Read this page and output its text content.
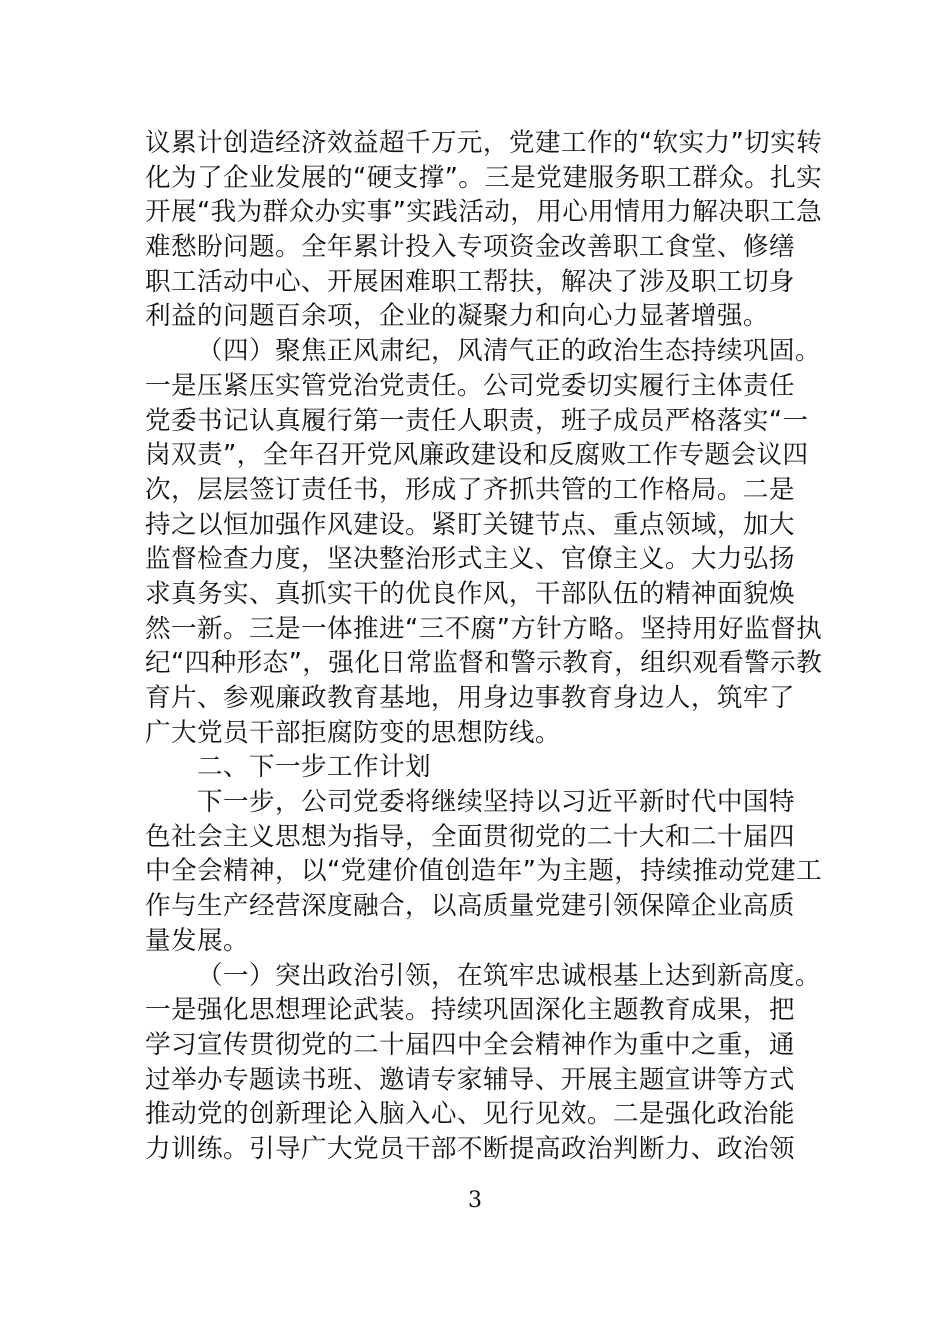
议累计创造经济效益超千万元，党建工作的“软实力”切实转
化为了企业发展的“硬支撑”。三是党建服务职工群众。扎实
开展“我为群众办实事”实践活动，用心用情用力解决职工急
难愁盼问题。全年累计投入专项资金改善职工食堂、修缮
职工活动中心、开展困难职工帮扶，解决了涉及职工切身
利益的问题百余项，企业的凝聚力和向心力显著增强。
（四）聚焦正风肃纪，风清气正的政治生态持续巩固。
一是压紧压实管党治党责任。公司党委切实履行主体责任
党委书记认真履行第一责任人职责，班子成员严格落实“一
岗双责”，全年召开党风廉政建设和反腐败工作专题会议四
次，层层签订责任书，形成了齐抓共管的工作格局。二是
持之以恒加强作风建设。紧盯关键节点、重点领域，加大
监督检查力度，坚决整治形式主义、官僚主义。大力弘扬
求真务实、真抓实干的优良作风，干部队伍的精神面貌焕
然一新。三是一体推进“三不腐”方针方略。坚持用好监督执
纪“四种形态”，强化日常监督和警示教育，组织观看警示教
育片、参观廉政教育基地，用身边事教育身边人，筑牢了
广大党员干部拒腐防变的思想防线。
二、下一步工作计划
下一步，公司党委将继续坚持以习近平新时代中国特
色社会主义思想为指导，全面贯彻党的二十大和二十届四
中全会精神，以“党建价值创造年”为主题，持续推动党建工
作与生产经营深度融合，以高质量党建引领保障企业高质
量发展。
（一）突出政治引领，在筑牢忠诚根基上达到新高度。
一是强化思想理论武装。持续巩固深化主题教育成果，把
学习宣传贯彻党的二十届四中全会精神作为重中之重，通
过举办专题读书班、邀请专家辅导、开展主题宣讲等方式
推动党的创新理论入脑入心、见行见效。二是强化政治能
力训练。引导广大党员干部不断提高政治判断力、政治领
3
